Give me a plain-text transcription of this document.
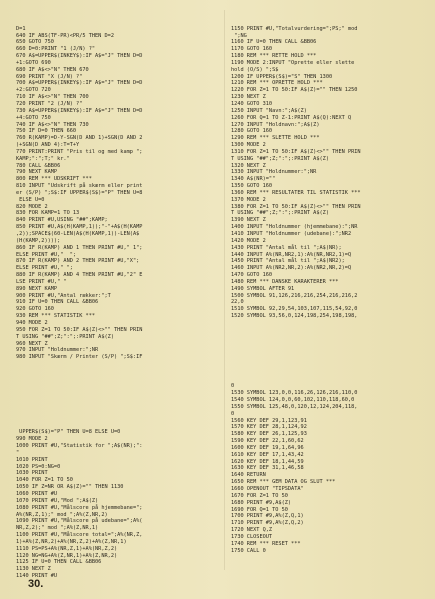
D=1
640 IF ABS(TF-PR)<PR/5 THEN D=2
650 GOTO 750
660 D=0:PRINT "1 (J/N) ?"
670 A$=UPPER$(INKEY$):IF A$="J" THEN D=D
+1:GOTO 690
680 IF A$<>"N" THEN 670
690 PRINT "X (J/N) ?"
700 A$=UPPER$(INKEY$):IF A$="J" THEN D=D
+2:GOTO 720
710 IF A$<>"N" THEN 700
720 PRINT "2 (J/N) ?"
730 A$=UPPER$(INKEY$):IF A$="J" THEN D=D
+4:GOTO 750
740 IF A$<>"N" THEN 730
750 IF D=0 THEN 660
760 R(KAMP)=D-Y-SGN(D AND 1)+SGN(D AND 2
)+SGN(D AND 4):T=T+Y
770 PRINT:PRINT "Pris til og med kamp ";
KAMP;":";T;" kr."
780 CALL &BB06
790 NEXT KAMP
800 REM *** UDSKRIFT ***
810 INPUT "Udskrift på skærm eller print
er (S/P) ";S$:IF UPPER$(S$)="P" THEN U=8
ELSE U=0
820 MODE 2
830 FOR KAMP=1 TO 13
840 PRINT #U,USING "##";KAMP;
850 PRINT #U,A$(H(KAMP,1));"-"+A$(H(KAMP
,2));SPACE$(60-LEN(A$(H(KAMP,1))-LEN(A$
(H(KAMP,2))));
860 IF R(KAMP) AND 1 THEN PRINT #U," 1";
ELSE PRINT #U,"  ";
870 IF R(KAMP) AND 2 THEN PRINT #U,"X";
ELSE PRINT #U," ";
880 IF R(KAMP) AND 4 THEN PRINT #U,"2" E
LSE PRINT #U," "
890 NEXT KAMP
900 PRINT #U,"Antal rækker:";T
910 IF U=0 THEN CALL &BB06
920 GOTO 160
930 REM *** STATISTIK ***
940 MODE 2
950 FOR Z=1 TO 50:IF A$(Z)<>"" THEN PRIN
T USING "##";Z;":";:PRINT A$(Z)
960 NEXT Z
970 INPUT "Holdnummer:";NR
980 INPUT "Skærm / Printer (S/P) ";S$:IF

UPPER$(S$)="P" THEN U=8 ELSE U=0
990 MODE 2
1000 PRINT #U,"Statistik for ";A$(NR);":
"
1010 PRINT
1020 PS=0:NG=0
1030 PRINT
1040 FOR Z=1 TO 50
1050 IF Z=NR OR A$(Z)="" THEN 1130
1060 PRINT #U
1070 PRINT #U,"Mod ";A$(Z)
1080 PRINT #U,"Målscore på hjemmebane=";
A%(NR,Z,1);" mod ";A%(Z,NR,2)
1090 PRINT #U,"Målscore på udebane=";A%(
NR,Z,2);" mod ";A%(Z,NR,1)
1100 PRINT #U,"Målscore total=";A%(NR,Z,
1)+A%(Z,NR,2)+A%(NR,Z,2)+A%(Z,NR,1)
1110 PS=PS+A%(NR,Z,1)+A%(NR,Z,2)
1120 NG=NG+A%(Z,NR,1)+A%(Z,NR,2)
1125 IF U=0 THEN CALL &BB06
1130 NEXT Z
1140 PRINT #U

1150 PRINT #U,"Totalvurdering=";PS;" mod
";NG
1160 IF U=0 THEN CALL &BB06
1170 GOTO 160
1180 REM *** RETTE HOLD ***
1190 MODE 2:INPUT "Oprette eller slette
hold (O/S) ";S$
1200 IF UPPER$(S$)="S" THEN 1300
1210 REM *** OPRETTE HOLD ***
1220 FOR Z=1 TO 50:IF A$(Z)="" THEN 1250
1230 NEXT Z
1240 GOTO 310
1250 INPUT "Navn:";A$(Z)
1260 FOR Q=1 TO Z-1:PRINT A$(Q):NEXT Q
1270 INPUT "Holdnavn:";A$(Z)
1280 GOTO 160
1290 REM *** SLETTE HOLD ***
1300 MODE 2
1310 FOR Z=1 TO 50:IF A$(Z)<>"" THEN PRIN
T USING "##";Z;":";:PRINT A$(Z)
1320 NEXT Z
1330 INPUT "Holdnummer:";NR
1340 A$(NR)=""
1350 GOTO 160
1360 REM *** RESULTATER TIL STATISTIK ***
1370 MODE 2
1380 FOR Z=1 TO 50:IF A$(Z)<>"" THEN PRIN
T USING "##";Z;":";:PRINT A$(Z)
1390 NEXT Z
1400 INPUT "Holdnummer (hjemmebane):";NR
1410 INPUT "Holdnummer (udebane):";NR2
1420 MODE 2
1430 PRINT "Antal mål til ";A$(NR);
1440 INPUT A%(NR,NR2,1):A%(NR,NR2,1)=Q
1450 PRINT "Antal mål til ";A$(NR2);
1460 INPUT A%(NR2,NR,2):A%(NR2,NR,2)=Q
1470 GOTO 160
1480 REM *** DANSKE KARAKTERER ***
1490 SYMBOL AFTER 91
1500 SYMBOL 91,126,216,216,254,216,216,2
22,0
1510 SYMBOL 92,29,54,103,107,115,54,92,0
1520 SYMBOL 93,56,0,124,198,254,198,198,

0
1530 SYMBOL 123,0,0,116,26,126,216,110,0
1540 SYMBOL 124,0,0,60,102,110,118,60,0
1550 SYMBOL 125,48,0,120,12,124,204,118,
0
1560 KEY DEF 29,1,123,91
1570 KEY DEF 28,1,124,92
1580 KEY DEF 26,1,125,93
1590 KEY DEF 22,1,60,62
1600 KEY DEF 19,1,64,96
1610 KEY DEF 17,1,43,42
1620 KEY DEF 18,1,44,59
1630 KEY DEF 31,1,46,58
1640 RETURN
1650 REM *** GEM DATA OG SLUT ***
1660 OPENOUT "TIPSDATA"
1670 FOR Z=1 TO 50
1680 PRINT #9,A$(Z)
1690 FOR Q=1 TO 50
1700 PRINT #9,A%(Z,Q,1)
1710 PRINT #9,A%(Z,Q,2)
1720 NEXT Q,Z
1730 CLOSEOUT
1740 REM *** RESET ***
1750 CALL 0

30.
